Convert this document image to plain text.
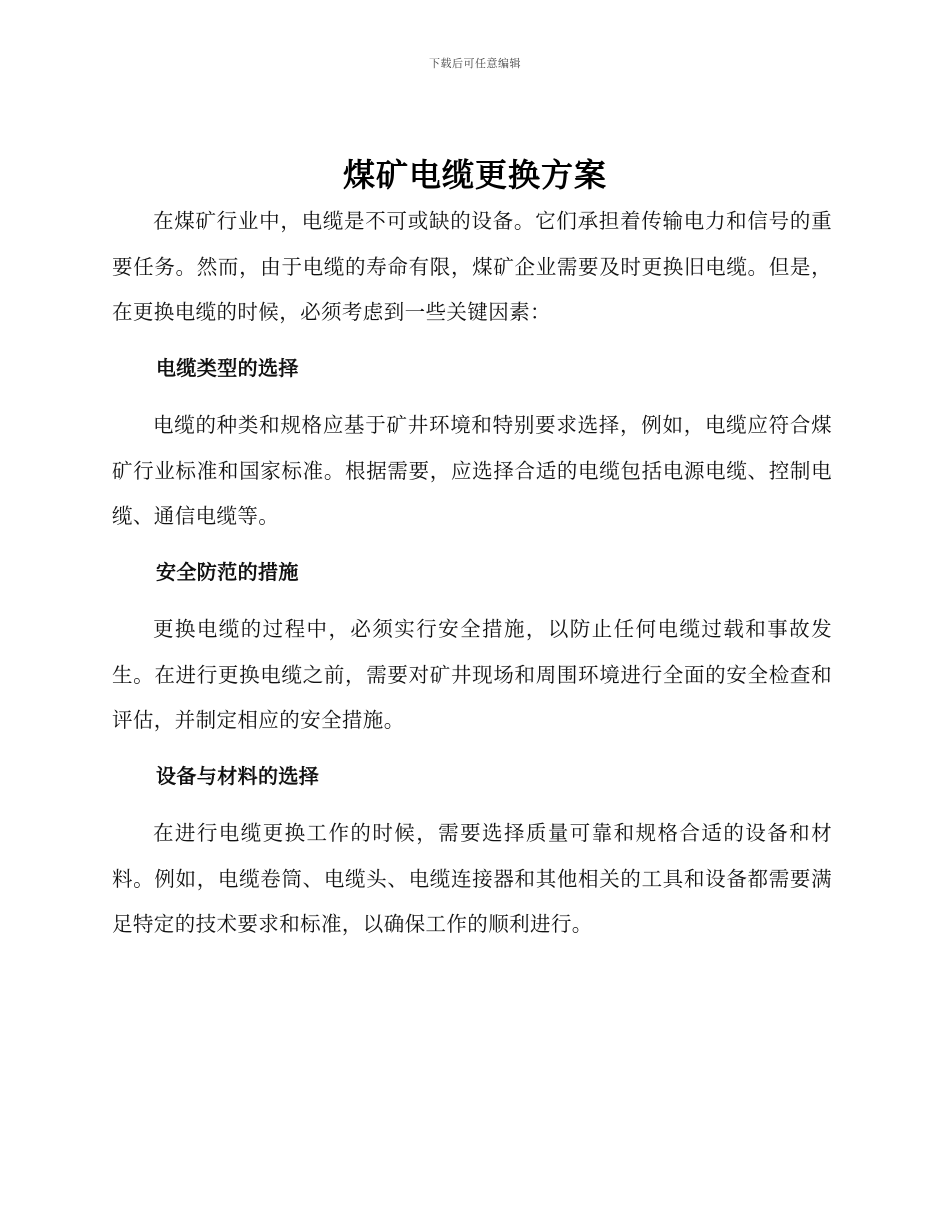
下载后可任意编辑
煤矿电缆更换方案

在煤矿行业中，电缆是不可或缺的设备。它们承担着传输电力和信号的重要任务。然而，由于电缆的寿命有限，煤矿企业需要及时更换旧电缆。但是，在更换电缆的时候，必须考虑到一些关键因素：

电缆类型的选择

电缆的种类和规格应基于矿井环境和特别要求选择，例如，电缆应符合煤矿行业标准和国家标准。根据需要，应选择合适的电缆包括电源电缆、控制电缆、通信电缆等。

安全防范的措施

更换电缆的过程中，必须实行安全措施，以防止任何电缆过载和事故发生。在进行更换电缆之前，需要对矿井现场和周围环境进行全面的安全检查和评估，并制定相应的安全措施。

设备与材料的选择

在进行电缆更换工作的时候，需要选择质量可靠和规格合适的设备和材料。例如，电缆卷筒、电缆头、电缆连接器和其他相关的工具和设备都需要满足特定的技术要求和标准，以确保工作的顺利进行。
